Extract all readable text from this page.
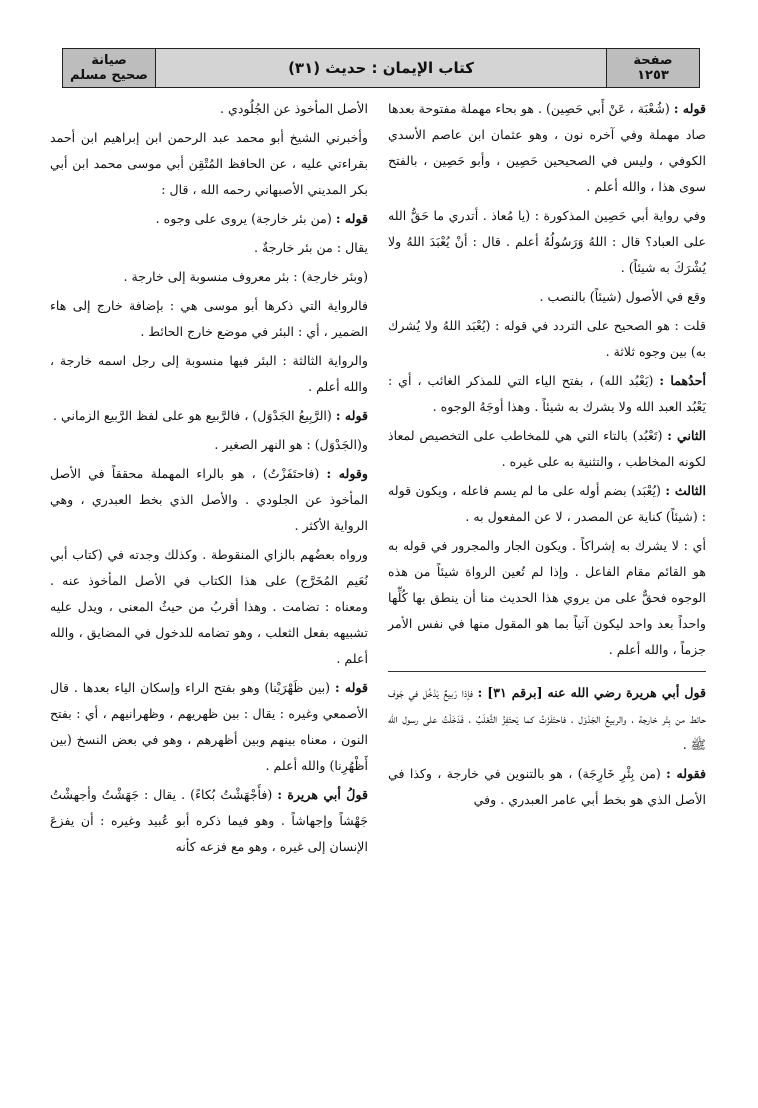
صيانة
صحيح مسلم	كتاب الإيمان : حديث (٣١)	صفحة
١٢٥٣

قوله : (شُعْبَة ، عَنْ أَبي حَصِين) . هو بحاء مهملة مفتوحة بعدها صاد مهملة وفي آخره نون ، وهو عثمان ابن عاصم الأسدي الكوفي ، وليس في الصحيحين حَصِين ، وأبو حَصِين ، بالفتح سوى هذا ، والله أعلم .

وفي رواية أبي حَصِين المذكورة : (يا مُعاذ . أتدري ما حَقُّ الله على العباد؟ قال : اللهُ وَرَسُولُهُ أعلم . قال : أنْ يُعْبَدَ اللهُ ولا يُشْرَكَ به شيئاً) .

وقع في الأصول (شيئاً) بالنصب .

قلت : هو الصحيح على التردد في قوله : (يُعْبَد اللهُ ولا يُشرك به) بين وجوه ثلاثة .

أحدُهما : (يَعْبُد الله) ، بفتح الياء التي للمذكر الغائب ، أي : يَعْبُد العبد الله ولا يشرك به شيئاً . وهذا أوجَهُ الوجوه .

الثاني : (تَعْبُد) بالتاء التي هي للمخاطب على التخصيص لمعاذ لكونه المخاطب ، والتثنية به على غيره .

الثالث : (يُعْبَد) بضم أوله على ما لم يسم فاعله ، ويكون قوله : (شيئاً) كناية عن المصدر ، لا عن المفعول به .

أي : لا يشرك به إشراكاً . ويكون الجار والمجرور في قوله به هو القائم مقام الفاعل . وإذا لم تُعين الرواة شيئاً من هذه الوجوه فحقٌّ على من يروي هذا الحديث منا أن ينطق بها كُلِّها واحداً بعد واحد ليكون آتياً بما هو المقول منها في نفس الأمر جزماً ، والله أعلم .

قول أبي هريرة رضي الله عنه [برقم ٣١] : فإذا رَبيعٌ يَدْخُل في جَوف حائط من بِئْر خارجة ، والربيعُ الجَدْوَل ، فاحتَفَزْتُ كما يَحتَفِزُ الثَّعْلَبُ ، فَدَخَلْتُ على رسول الله ﷺ .

فقوله : (من بِئْرِ خَارِجَة) ، هو بالتنوين في خارجة ، وكذا في الأصل الذي هو بخط أبي عامر العبدري . وفي

الأصل المأخوذ عن الجُلُودي .

وأخبرني الشيخ أبو محمد عبد الرحمن ابن إبراهيم ابن أحمد بقراءتي عليه ، عن الحافظ المُتْقِن أبي موسى محمد ابن أبي بكر المديني الأصبهاني رحمه الله ، قال :

قوله : (من بئر خارجة) يروى على وجوه .

يقال : من بئر خارجةٌ .

(وبئر خارجة) : بئر معروف منسوبة إلى خارجة .

فالرواية التي ذكرها أبو موسى هي : بإضافة خارج إلى هاء الضمير ، أي : البئر في موضع خارج الحائط .

والرواية الثالثة : البئر فيها منسوبة إلى رجل اسمه خارجة ، والله أعلم .

قوله : (الرَّبِيعُ الجَدْوَل) ، فالرَّبيع هو على لفظ الرَّبيع الزماني .

و(الجَدْوَل) : هو النهر الصغير .

وقوله : (فاحتَفَزْتُ) ، هو بالراء المهملة محققاً في الأصل المأخوذ عن الجلودي . والأصل الذي بخط العبدري ، وهي الرواية الأكثر .

ورواه بعضُهم بالزاي المنقوطة . وكذلك وجدته في (كتاب أبي نُعَيم المُخَرَّج) على هذا الكتاب في الأصل المأخوذ عنه . ومعناه : تضامت . وهذا أقربُ من حيثُ المعنى ، ويدل عليه تشبيهه بفعل الثعلب ، وهو تضامه للدخول في المضايق ، والله أعلم .

قوله : (بين ظَهْرَيْنا) وهو بفتح الراء وإسكان الياء بعدها . قال الأصمعي وغيره : يقال : بين ظهريهم ، وظهرانيهم ، أي : بفتح النون ، معناه بينهم وبين أظهرهم ، وهو في بعض النسخ (بين أَظْهُرِنا) والله أعلم .

قولُ أبي هريرة : (فأَجْهَشْتُ بُكاءً) . يقال : جَهَشْتُ وأجهشْتُ جَهْشاً وإجهاشاً . وهو فيما ذكره أبو عُبيد وغيره : أن يفزعَ الإنسان إلى غيره ، وهو مع فزعه كأنه
